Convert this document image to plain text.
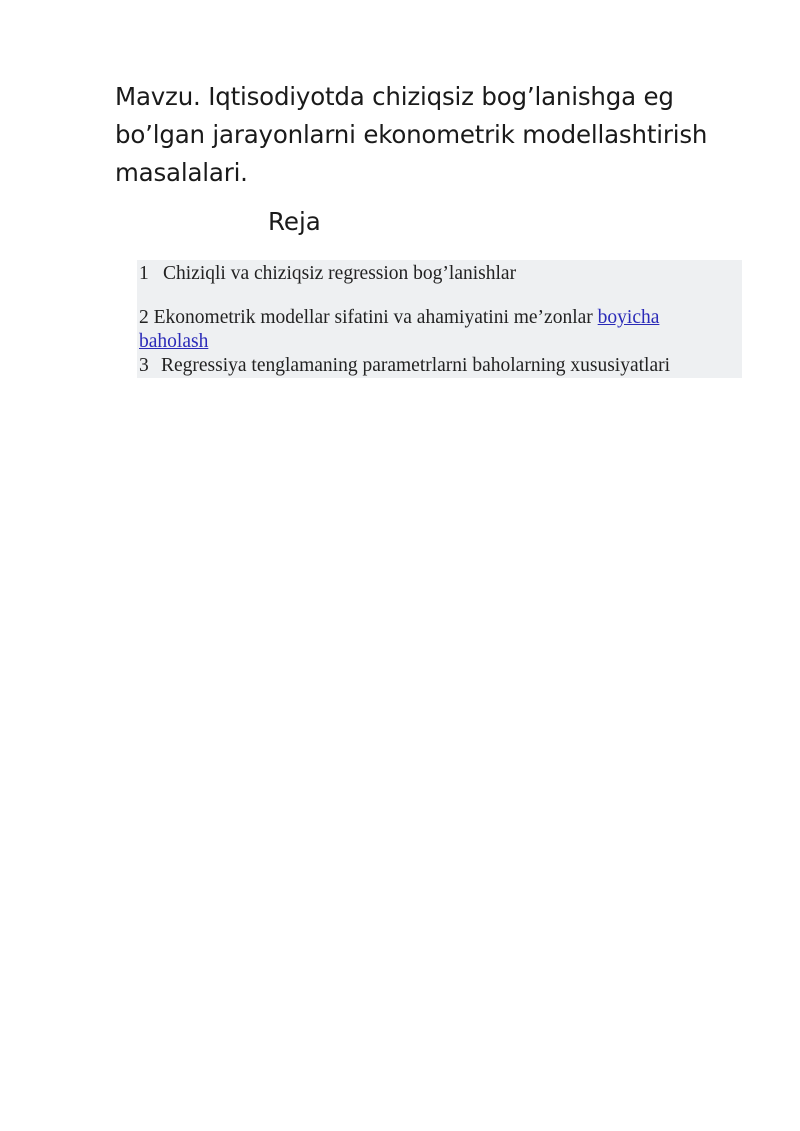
Mavzu. Iqtisodiyotda chiziqsiz bog’lanishga eg bo’lgan jarayonlarni ekonometrik modellashtirish masalalari.
Reja
1 Chiziqli va chiziqsiz regression bog’lanishlar
2 Ekonometrik modellar sifatini va ahamiyatini me’zonlar boyicha
baholash
3 Regressiya tenglamaning parametrlarni baholarning xususiyatlari
